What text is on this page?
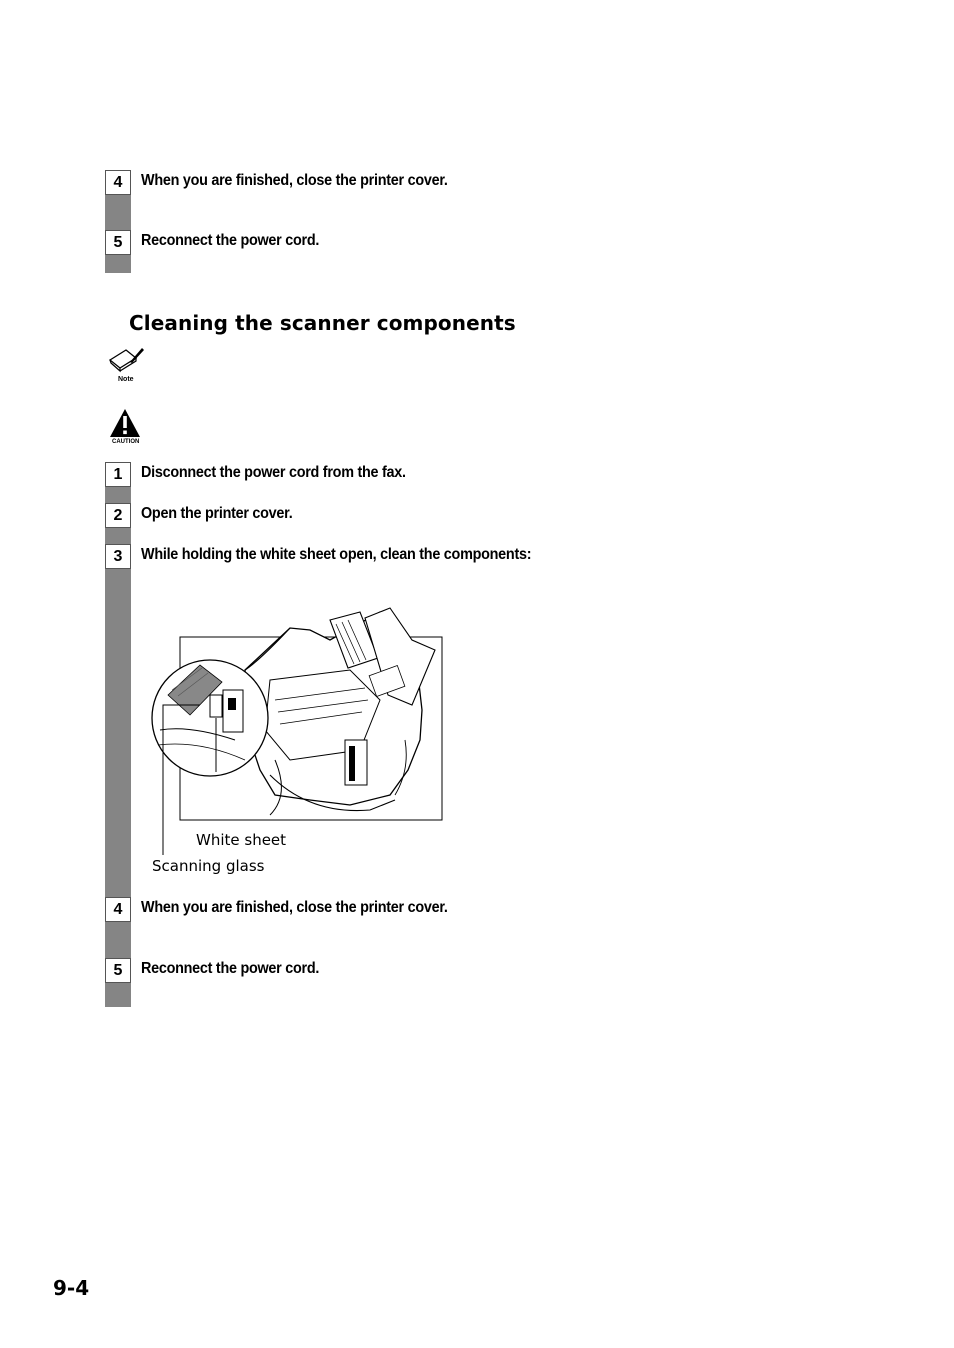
4	When you are finished, close the printer cover.
5	Reconnect the power cord.
Cleaning the scanner components
Note
CAUTION
1	Disconnect the power cord from the fax.
2	Open the printer cover.
3	While holding the white sheet open, clean the components:
White sheet
Scanning glass
4	When you are finished, close the printer cover.
5	Reconnect the power cord.
9-4
